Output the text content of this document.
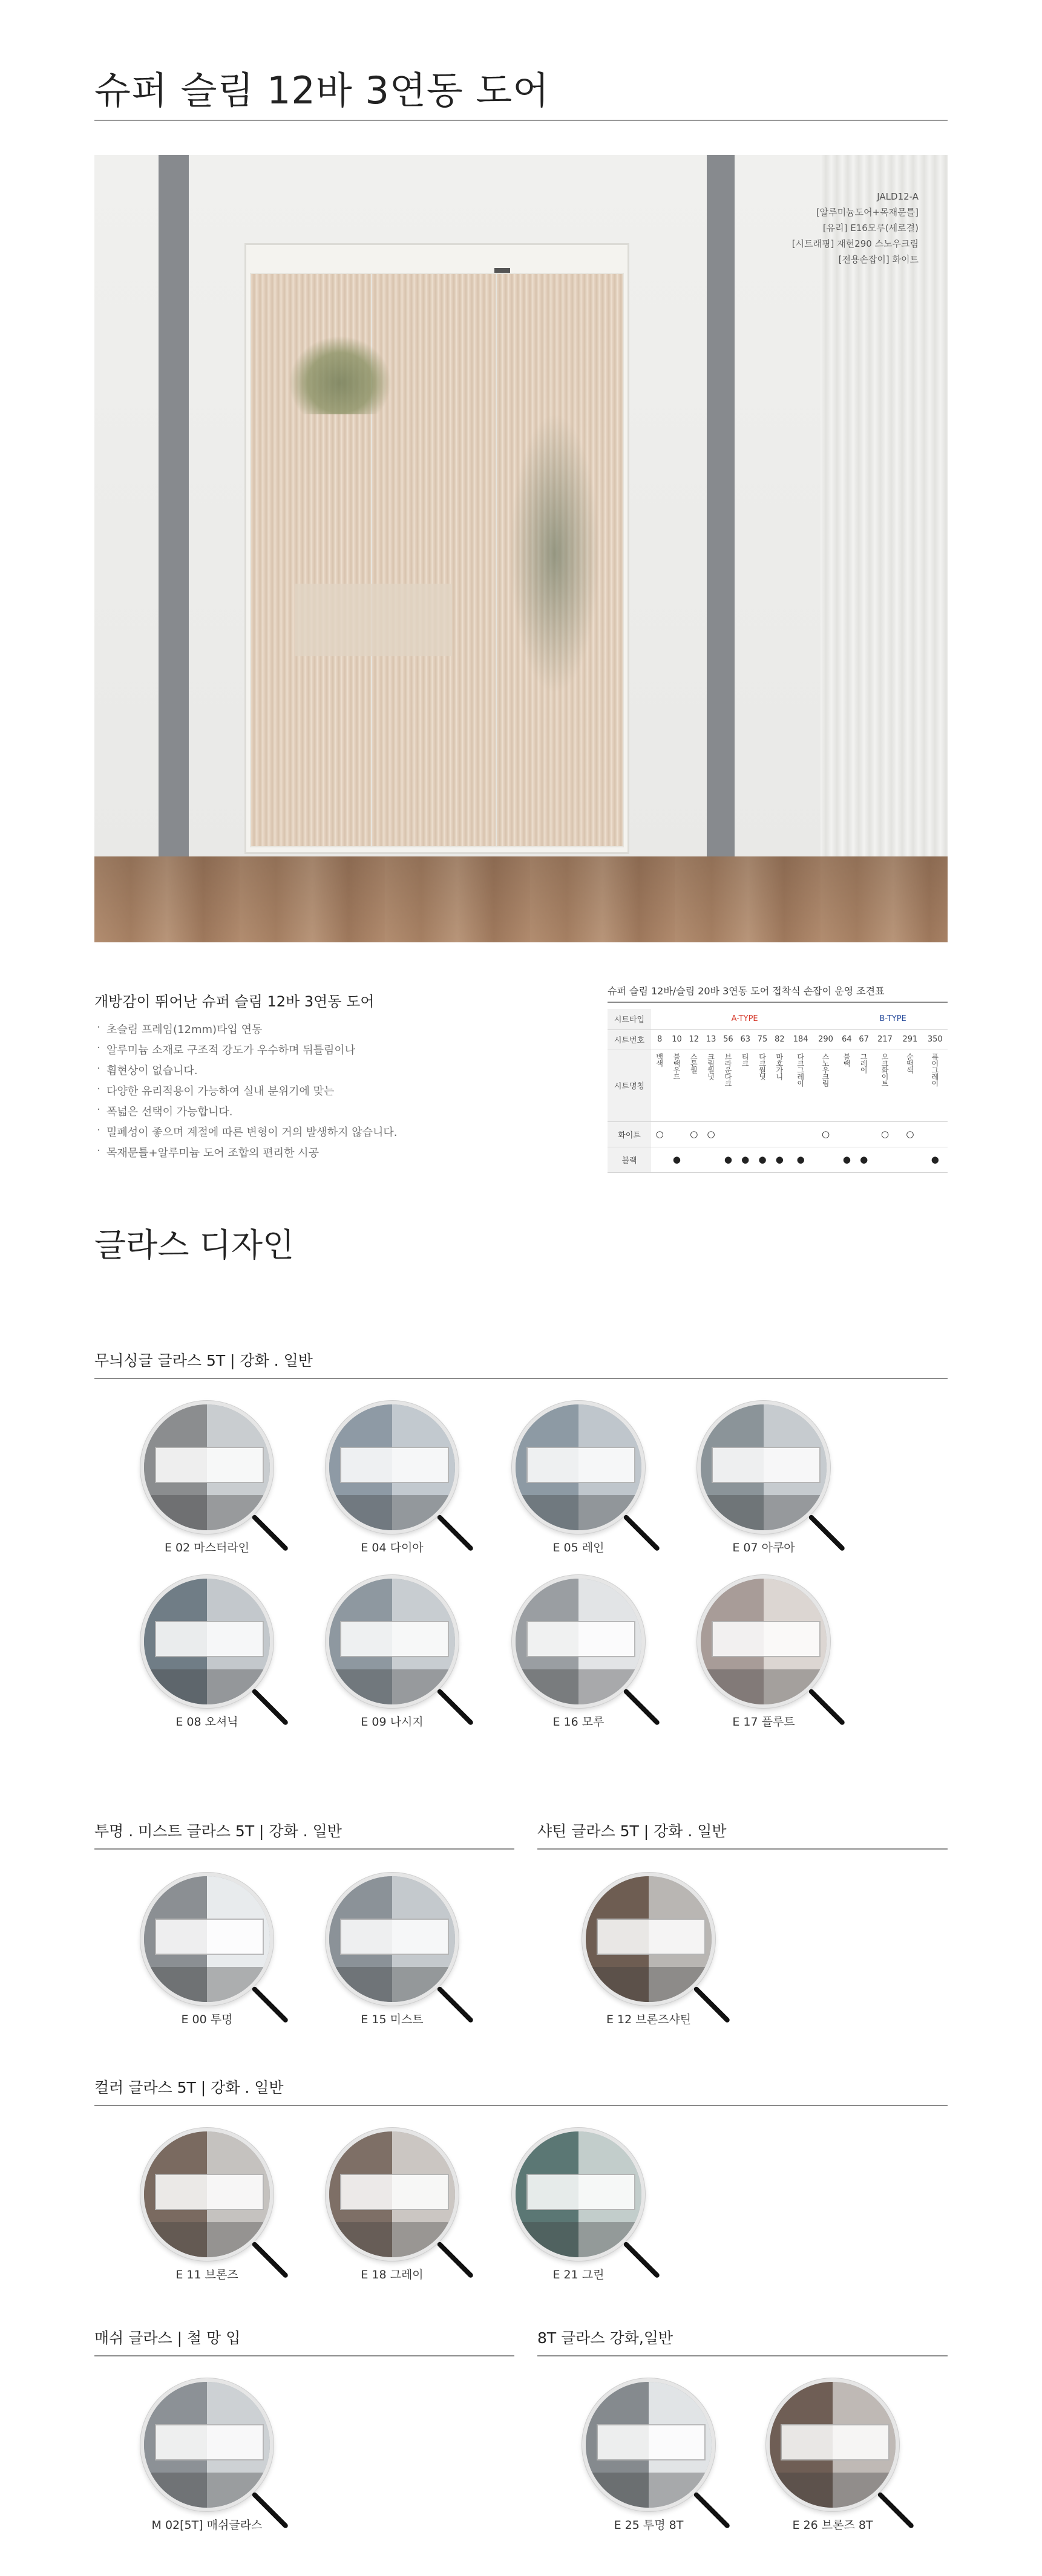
슈퍼 슬림 12바 3연동 도어
JALD12-A
[알루미늄도어+목재문틀]
[유리] E16모루(세로결)
[시트래핑] 재현290 스노우크림
[전용손잡이] 화이트
개방감이 뛰어난 슈퍼 슬림 12바 3연동 도어
· 초슬림 프레임(12mm)타입 연동
· 알루미늄 소재로 구조적 강도가 우수하며 뒤틀림이나
· 휨현상이 없습니다.
· 다양한 유리적용이 가능하여 실내 분위기에 맞는
· 폭넓은 선택이 가능합니다.
· 밀폐성이 좋으며 계절에 따른 변형이 거의 발생하지 않습니다.
· 목재문틀+알루미늄 도어 조합의 편리한 시공
슈퍼 슬림 12바/슬림 20바 3연동 도어 접착식 손잡이 운영 조견표
시트타입	A-TYPE										B-TYPE				
시트번호	8	10	12	13	56	63	75	82	184	290	64	67	217	291	350
시트명칭	백색	블랙우드	스톤월	크림월넛	브라운다크	티크	다크월넛	마호가니	다크그레이	스노우크림	블랙	그레이	오크화이트	순백색	퓨어그레이

화이트	○		○	○						○			○	○	
블랙		●			●	●	●	●	●		●	●			●
글라스 디자인
무늬싱글 글라스 5T | 강화 . 일반
투명 . 미스트 글라스 5T | 강화 . 일반	샤틴 글라스 5T | 강화 . 일반
컬러 글라스 5T | 강화 . 일반
매쉬 글라스 | 철 망 입	8T 글라스 강화,일반
E 02 마스터라인	E 04 다이아	E 05 레인	E 07 아쿠아
E 08 오셔닉	E 09 나시지	E 16 모루	E 17 플루트
E 00 투명	E 15 미스트	E 12 브론즈샤틴
E 11 브론즈	E 18 그레이	E 21 그린
M 02[5T] 매쉬글라스	E 25 투명 8T	E 26 브론즈 8T
